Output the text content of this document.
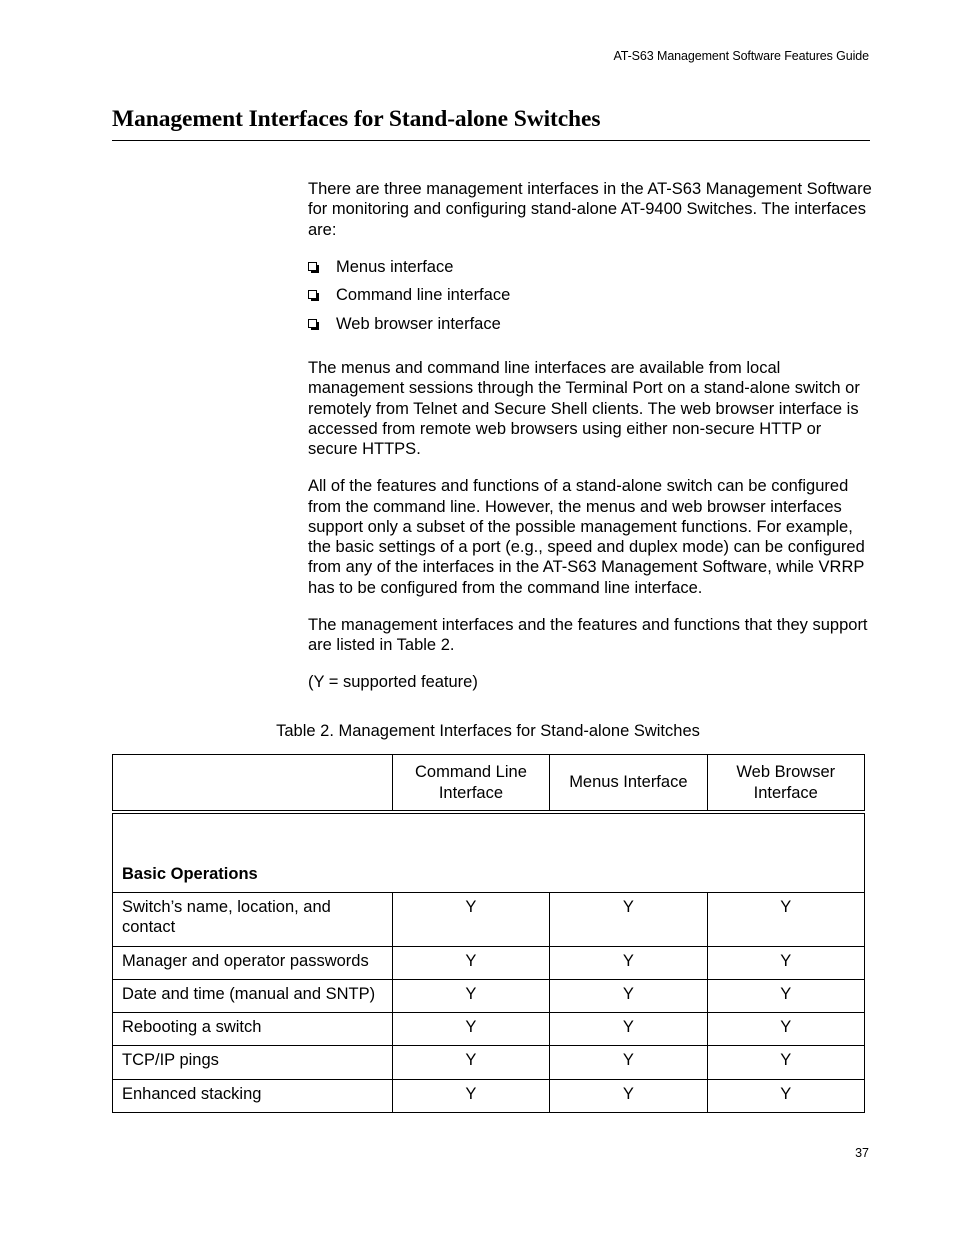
AT-S63 Management Software Features Guide
Management Interfaces for Stand-alone Switches

There are three management interfaces in the AT-S63 Management Software for monitoring and configuring stand-alone AT-9400 Switches. The interfaces are:

Menus interface
Command line interface
Web browser interface

The menus and command line interfaces are available from local management sessions through the Terminal Port on a stand-alone switch or remotely from Telnet and Secure Shell clients. The web browser interface is accessed from remote web browsers using either non-secure HTTP or secure HTTPS.

All of the features and functions of a stand-alone switch can be configured from the command line. However, the menus and web browser interfaces support only a subset of the possible management functions. For example, the basic settings of a port (e.g., speed and duplex mode) can be configured from any of the interfaces in the AT-S63 Management Software, while VRRP has to be configured from the command line interface.

The management interfaces and the features and functions that they support are listed in Table 2.

(Y = supported feature)

Table 2. Management Interfaces for Stand-alone Switches
	Command Line Interface	Menus Interface	Web Browser Interface

Basic Operations			
Switch’s name, location, and contact	Y	Y	Y
Manager and operator passwords	Y	Y	Y
Date and time (manual and SNTP)	Y	Y	Y
Rebooting a switch	Y	Y	Y
TCP/IP pings	Y	Y	Y
Enhanced stacking	Y	Y	Y
37
